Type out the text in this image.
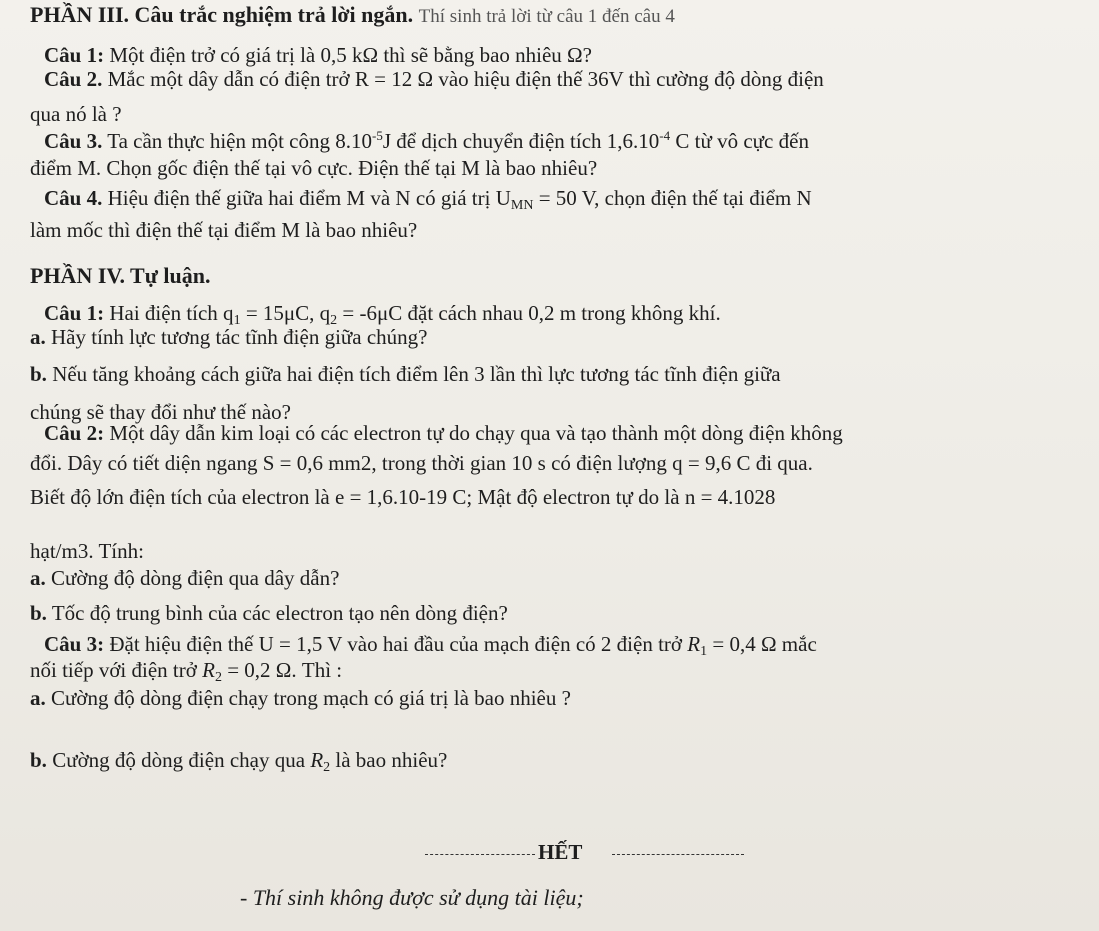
PHẦN III. Câu trắc nghiệm trả lời ngắn. Thí sinh trả lời từ câu 1 đến câu 4
Câu 1: Một điện trở có giá trị là 0,5 kΩ thì sẽ bằng bao nhiêu Ω?
Câu 2. Mắc một dây dẫn có điện trở R = 12 Ω vào hiệu điện thế 36V thì cường độ dòng điện
qua nó là ?
Câu 3. Ta cần thực hiện một công $8.10^{-5}J$ để dịch chuyển điện tích $1,6.10^{-4}$ C từ vô cực đến
điểm M. Chọn gốc điện thế tại vô cực. Điện thế tại M là bao nhiêu?
Câu 4. Hiệu điện thế giữa hai điểm M và N có giá trị $U_{MN} = 50$ V, chọn điện thế tại điểm N
làm mốc thì điện thế tại điểm M là bao nhiêu?
PHẦN IV. Tự luận.
Câu 1: Hai điện tích $q_1 = 15\mu C$, $q_2 = -6\mu C$ đặt cách nhau 0,2 m trong không khí.
a. Hãy tính lực tương tác tĩnh điện giữa chúng?
b. Nếu tăng khoảng cách giữa hai điện tích điểm lên 3 lần thì lực tương tác tĩnh điện giữa
chúng sẽ thay đổi như thế nào?
Câu 2: Một dây dẫn kim loại có các electron tự do chạy qua và tạo thành một dòng điện không
đổi. Dây có tiết diện ngang S = 0,6 mm2, trong thời gian 10 s có điện lượng q = 9,6 C đi qua.
Biết độ lớn điện tích của electron là e = 1,6.10-19 C; Mật độ electron tự do là n = 4.1028
hạt/m3. Tính:
a. Cường độ dòng điện qua dây dẫn?
b. Tốc độ trung bình của các electron tạo nên dòng điện?
Câu 3: Đặt hiệu điện thế U = 1,5 V vào hai đầu của mạch điện có 2 điện trở $R_1 = 0,4$ Ω mắc
nối tiếp với điện trở $R_2 = 0,2$ Ω. Thì :
a. Cường độ dòng điện chạy trong mạch có giá trị là bao nhiêu ?
b. Cường độ dòng điện chạy qua $R_2$ là bao nhiêu?
HẾT
- Thí sinh không được sử dụng tài liệu;
